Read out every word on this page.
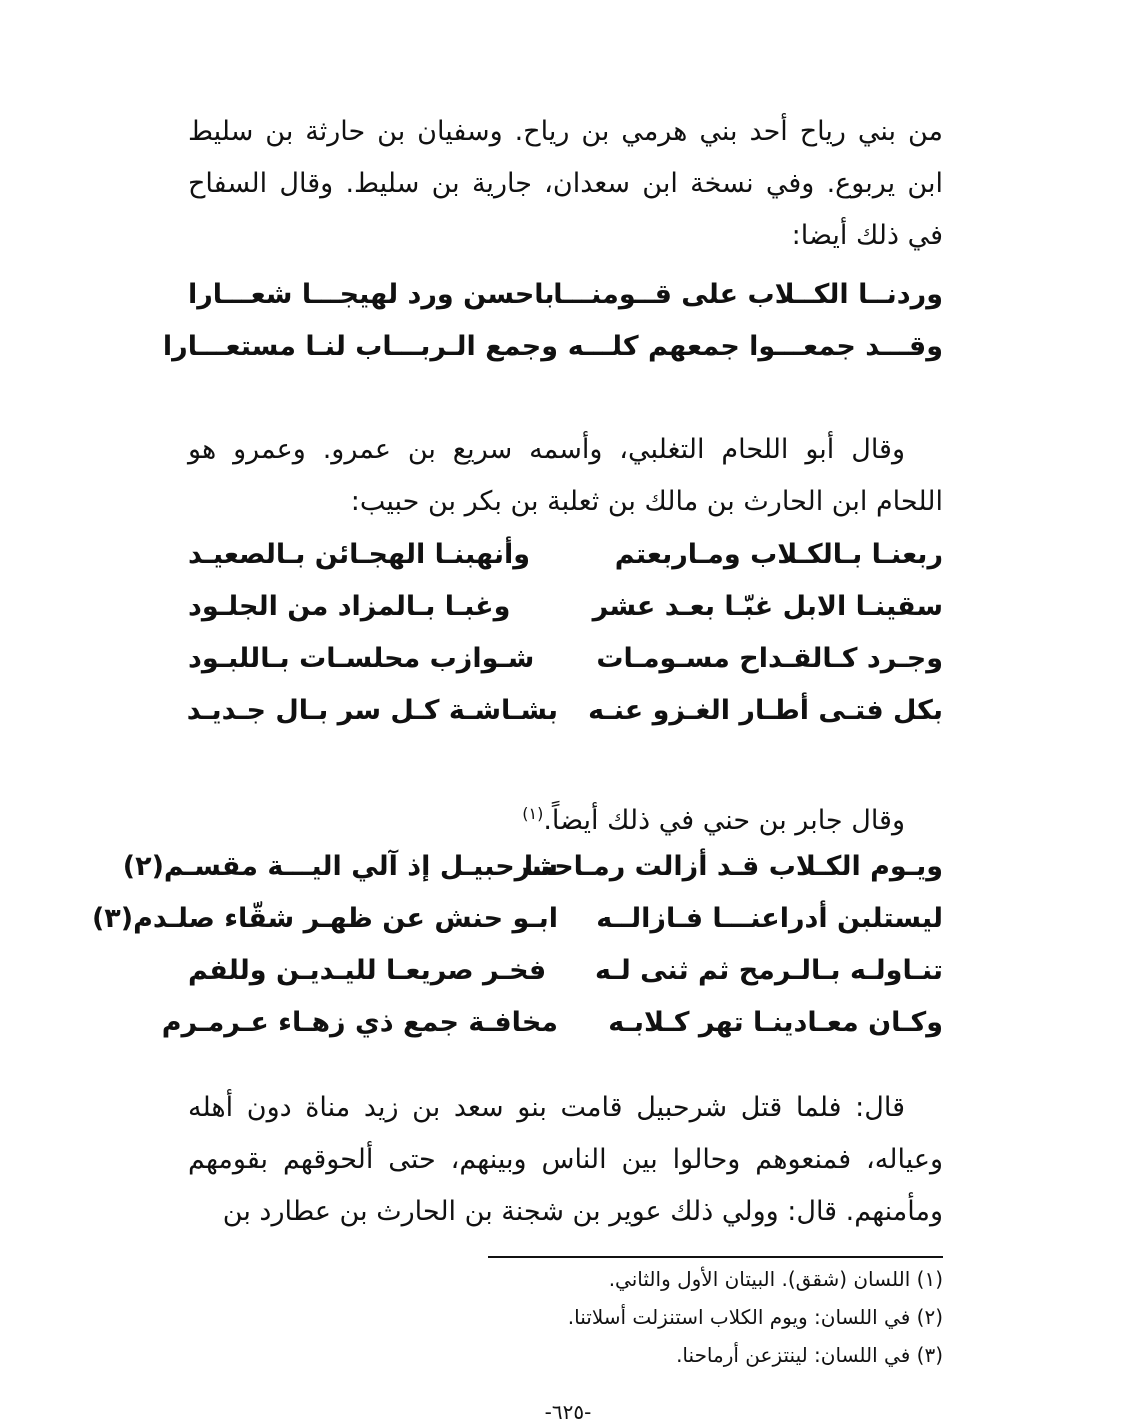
من بني رياح أحد بني هرمي بن رياح. وسفيان بن حارثة بن سليط ابن يربوع. وفي نسخة ابن سعدان، جارية بن سليط. وقال السفاح في ذلك أيضا:

وردنــا الكــلاب على قــومنـــا
باحسن ورد لهيجـــا شعـــارا
وقـــد جمعـــوا جمعهم كلـــه
وجمع الـربـــاب لنـا مستعـــارا

وقال أبو اللحام التغلبي، وأسمه سريع بن عمرو. وعمرو هو اللحام ابن الحارث بن مالك بن ثعلبة بن بكر بن حبيب:

ربعنـا بـالكـلاب ومـاربعتم
وأنهبنـا الهجـائن بـالصعيـد
سقينـا الابل غبّـا بعـد عشر
وغبـا بـالمزاد من الجلـود
وجـرد كـالقـداح مسـومـات
شـوازب محلسـات بـاللبـود
بكل فتـى أطـار الغـزو عنـه
بشـاشـة كـل سر بـال جـديـد

وقال جابر بن حني في ذلك أيضاً.$^{(١)}$

ويـوم الكـلاب قـد أزالت رمـاحنـا
شرحبيـل إذ آلي اليـــة مقسـم(٢)
ليستلبن أدراعنـــا فـازالــه
ابـو حنش عن ظهـر شقّاء صلـدم(٣)
تنـاولـه بـالـرمح ثم ثنى لـه
فخـر صريعـا لليـديـن وللفم
وكـان معـادينـا تهر كـلابـه
مخافـة جمع ذي زهـاء عـرمـرم

قال: فلما قتل شرحبيل قامت بنو سعد بن زيد مناة دون أهله وعياله، فمنعوهم وحالوا بين الناس وبينهم، حتى ألحوقهم بقومهم ومأمنهم. قال: وولي ذلك عوير بن شجنة بن الحارث بن عطارد بن

(١) اللسان (شقق). البيتان الأول والثاني.
(٢) في اللسان: ويوم الكلاب استنزلت أسلاتنا.
(٣) في اللسان: لينتزعن أرماحنا.
-٦٢٥-
